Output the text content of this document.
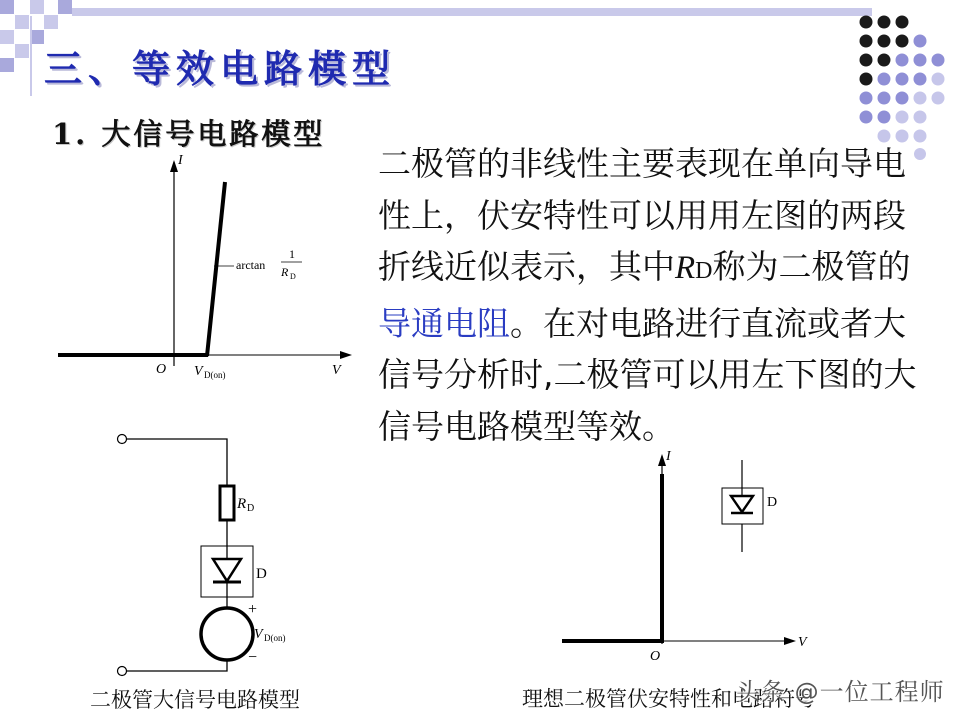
三、等效电路模型
1. 大信号电路模型
二极管的非线性主要表现在单向导电性上，伏安特性可以用用左图的两段折线近似表示，其中RD称为二极管的导通电阻。在对电路进行直流或者大信号分析时,二极管可以用左下图的大信号电路模型等效。
I
V
O V D(on)
arctan
1
R D
R D
D
+
−
V D(on)
I
V
O
D
二极管大信号电路模型	理想二极管伏安特性和电路符号
头条 @一位工程师
